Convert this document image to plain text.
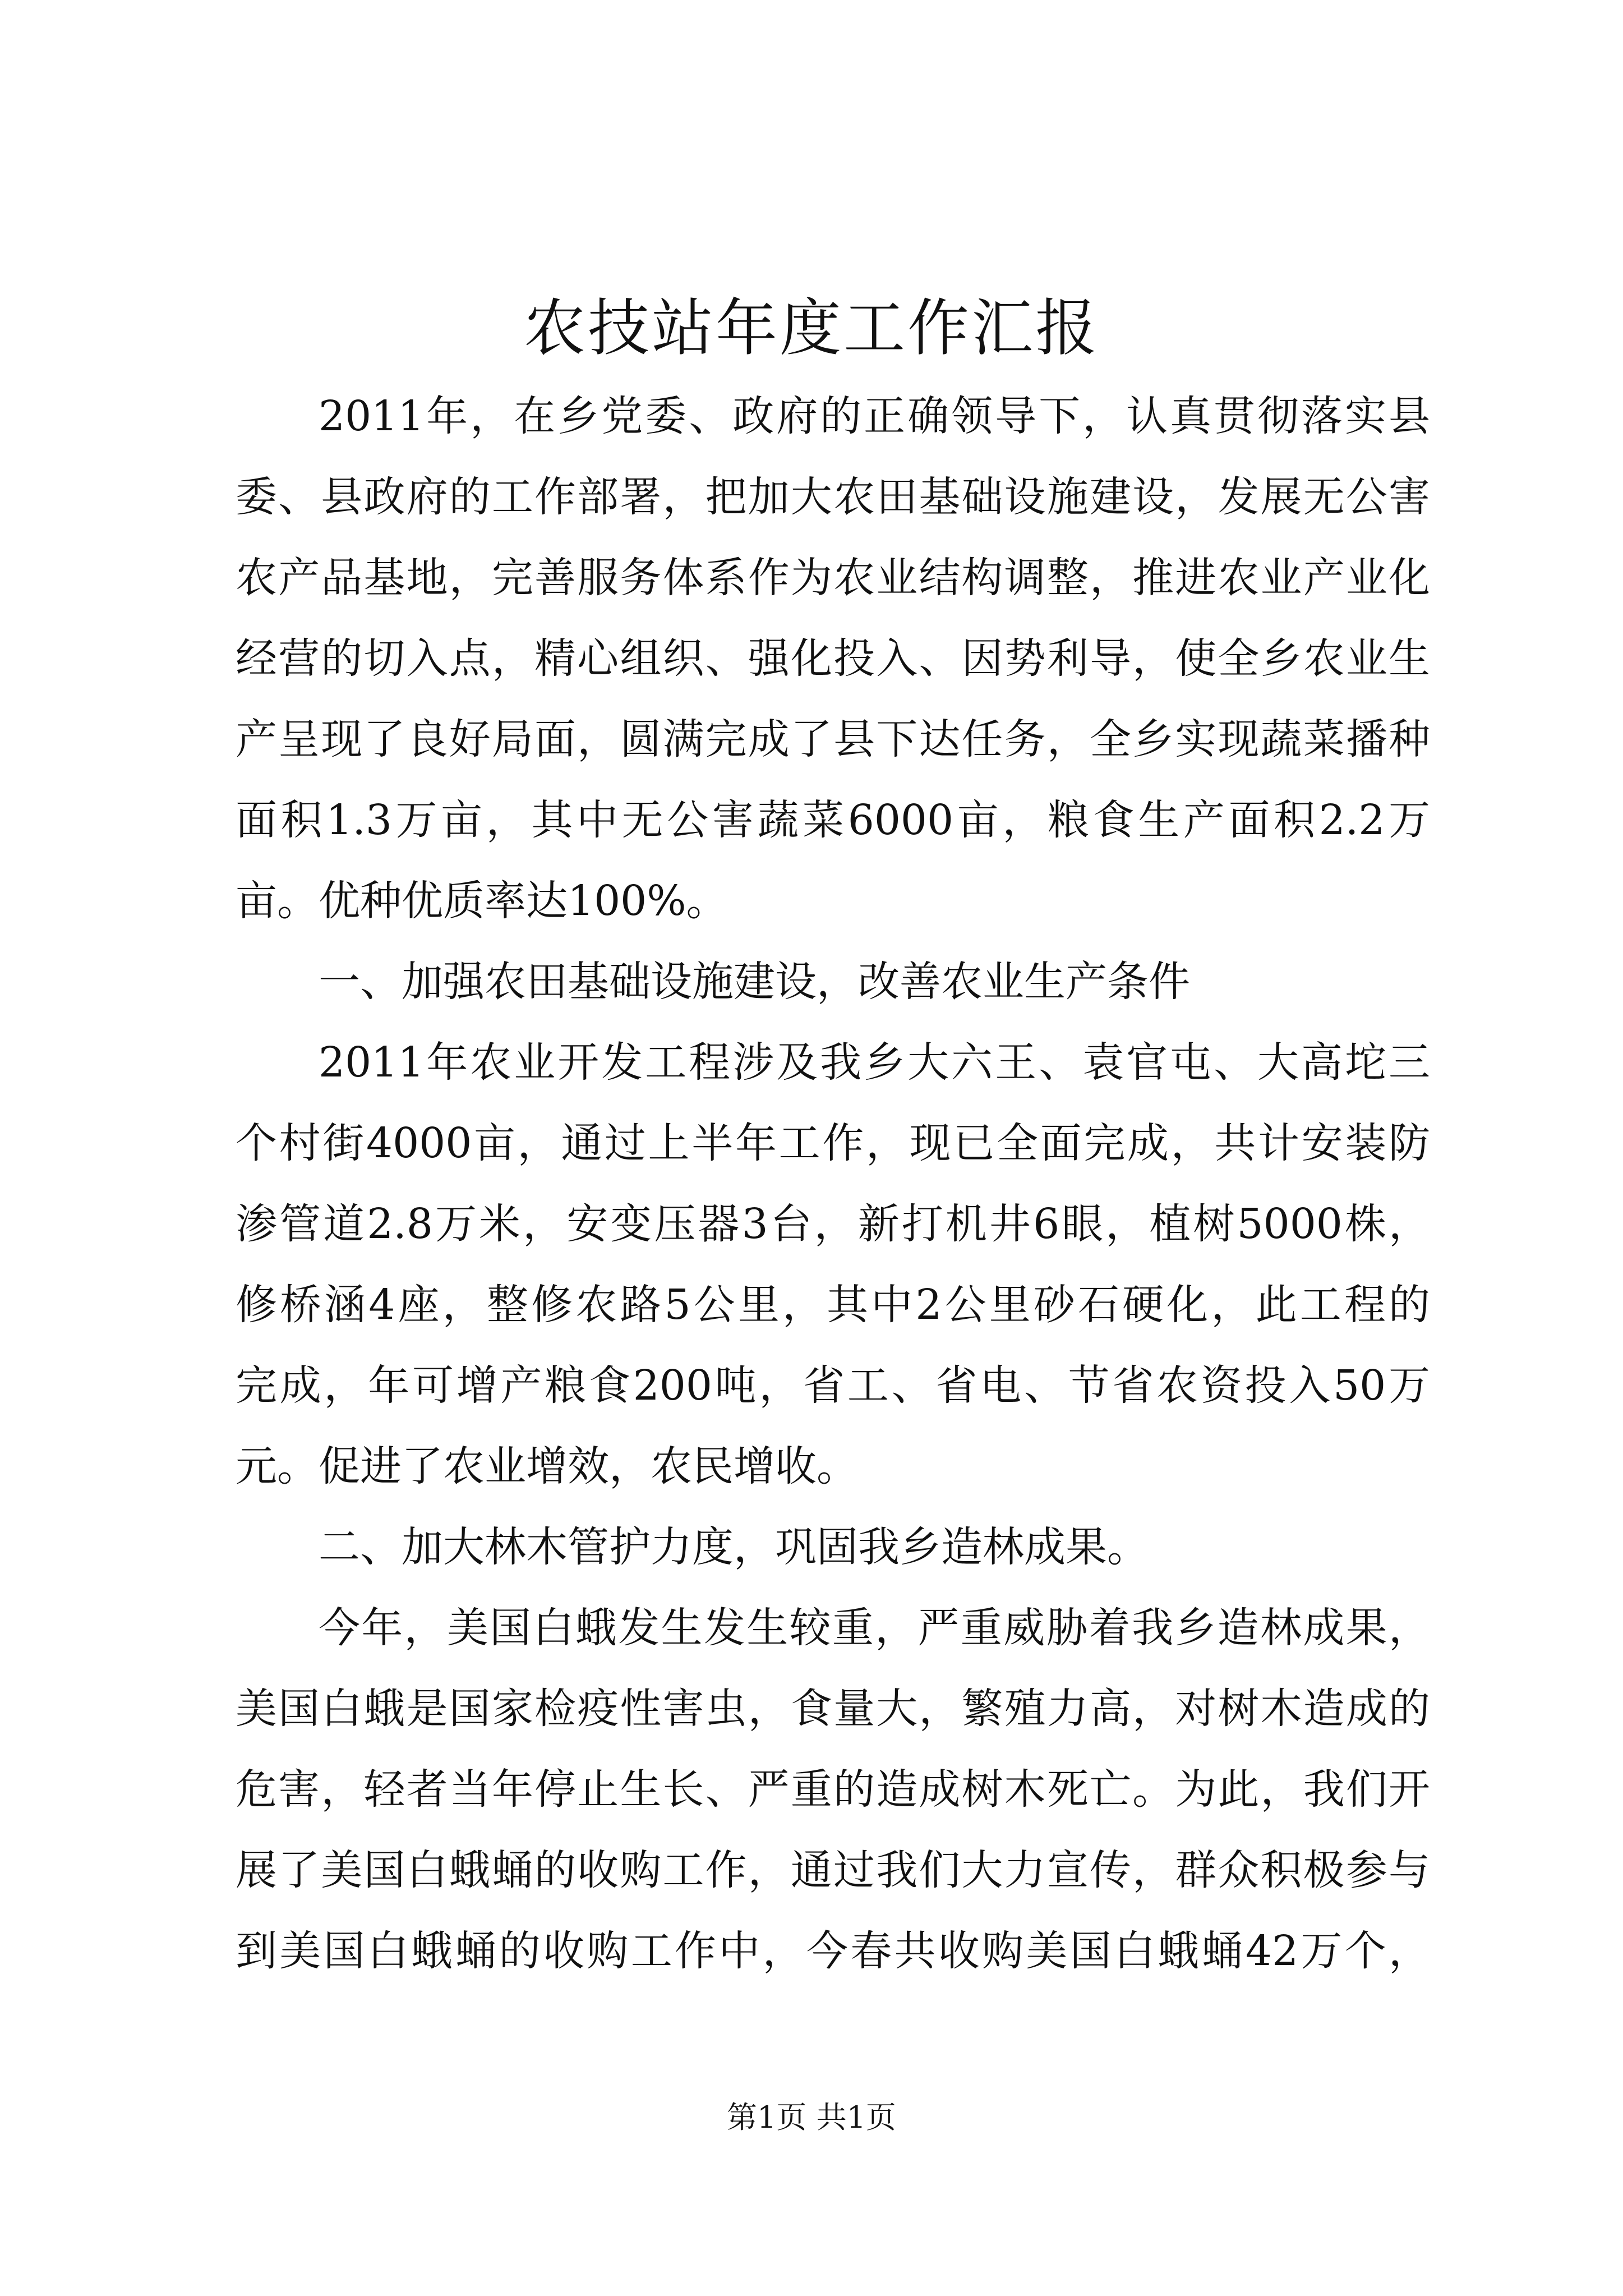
农技站年度工作汇报
2011年，在乡党委、政府的正确领导下，认真贯彻落实县
委、县政府的工作部署，把加大农田基础设施建设，发展无公害
农产品基地，完善服务体系作为农业结构调整，推进农业产业化
经营的切入点，精心组织、强化投入、因势利导，使全乡农业生
产呈现了良好局面，圆满完成了县下达任务，全乡实现蔬菜播种
面积1.3万亩，其中无公害蔬菜6000亩，粮食生产面积2.2万
亩。优种优质率达100%。
一、加强农田基础设施建设，改善农业生产条件
2011年农业开发工程涉及我乡大六王、袁官屯、大高坨三
个村街4000亩，通过上半年工作，现已全面完成，共计安装防
渗管道2.8万米，安变压器3台，新打机井6眼，植树5000株，
修桥涵4座，整修农路5公里，其中2公里砂石硬化，此工程的
完成，年可增产粮食200吨，省工、省电、节省农资投入50万
元。促进了农业增效，农民增收。
二、加大林木管护力度，巩固我乡造林成果。
今年，美国白蛾发生发生较重，严重威胁着我乡造林成果，
美国白蛾是国家检疫性害虫，食量大，繁殖力高，对树木造成的
危害，轻者当年停止生长、严重的造成树木死亡。为此，我们开
展了美国白蛾蛹的收购工作，通过我们大力宣传，群众积极参与
到美国白蛾蛹的收购工作中，今春共收购美国白蛾蛹42万个，
第1页 共1页
